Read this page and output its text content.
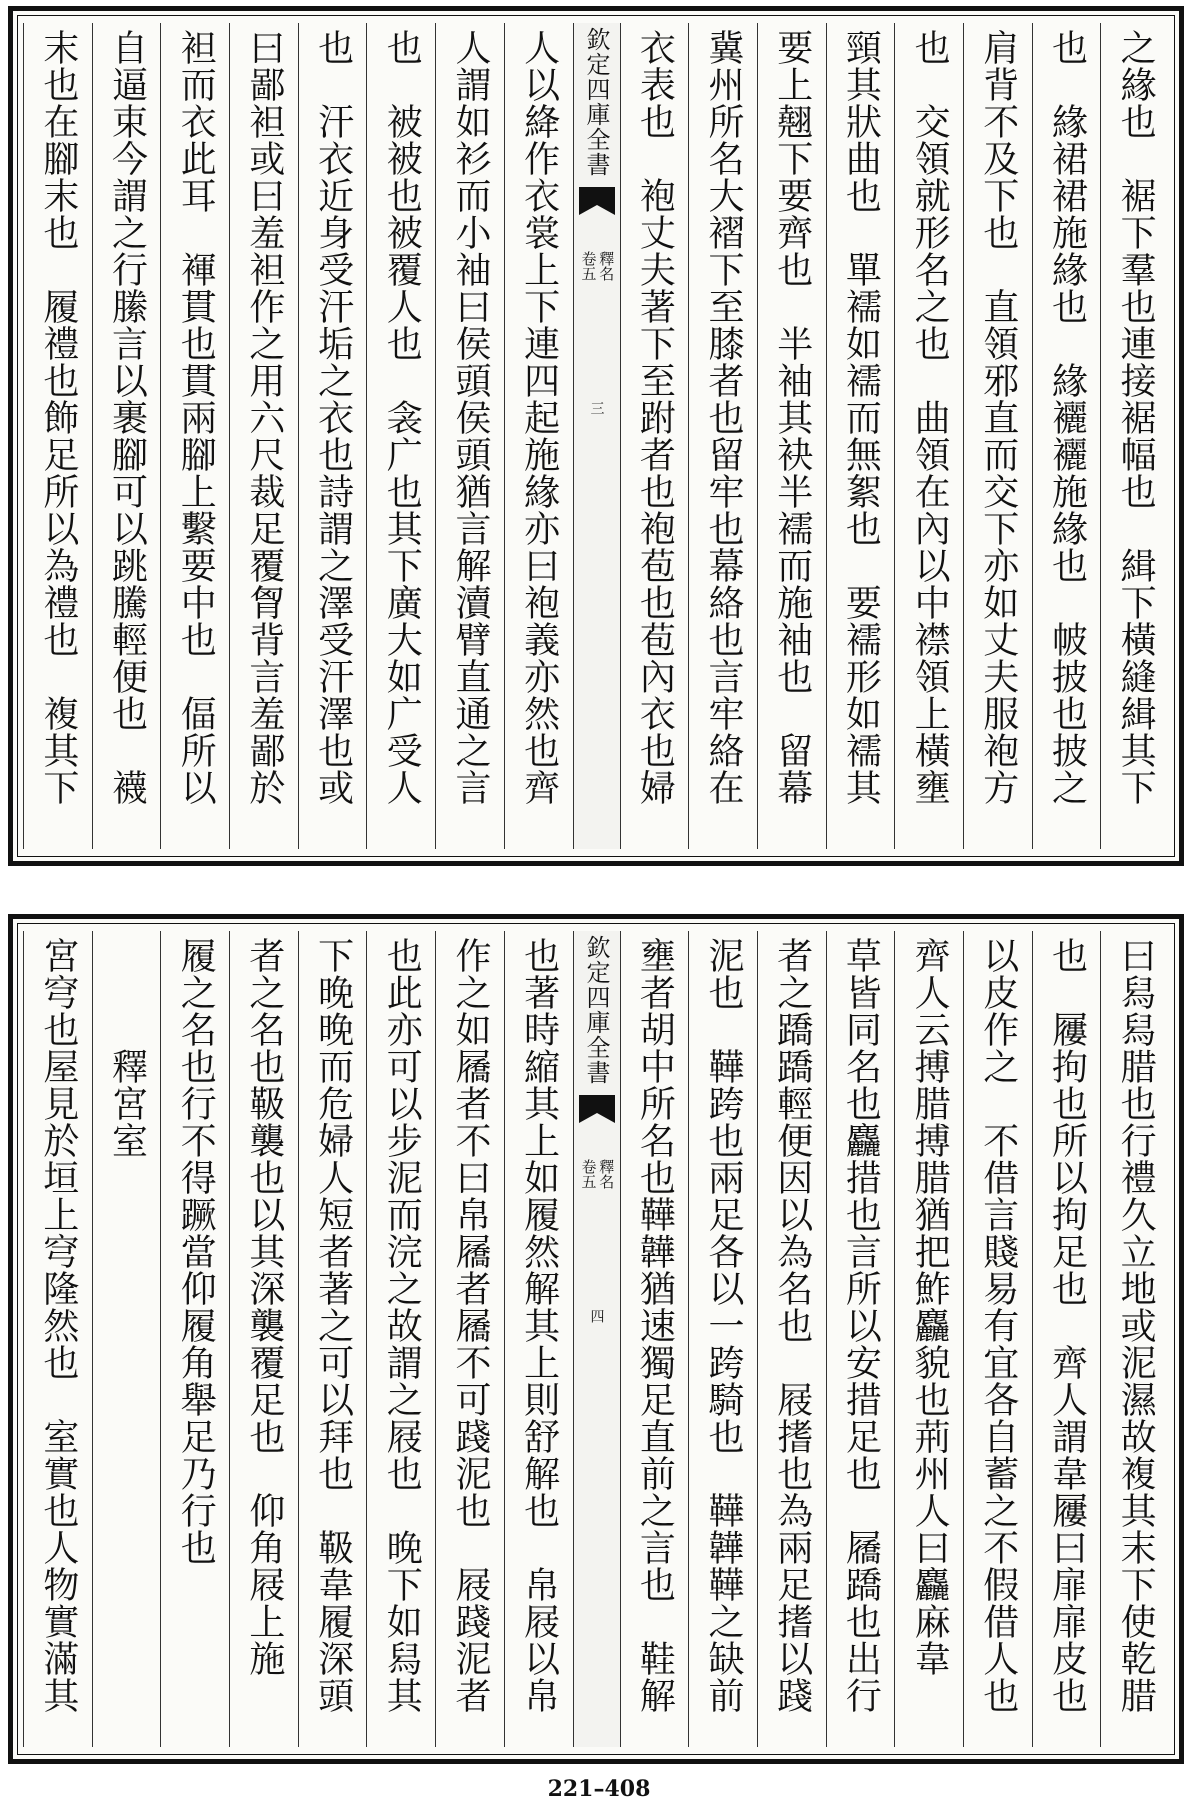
之緣也　裾下羣也連接裾幅也　緝下橫縫緝其下
也　緣裙裙施緣也　緣襹襹施緣也　帔披也披之
肩背不及下也　直領邪直而交下亦如丈夫服袍方
也　交領就形名之也　曲領在內以中襟領上橫壅
頸其狀曲也　單襦如襦而無絮也　要襦形如襦其
要上翹下要齊也　半袖其袂半襦而施袖也　留幕
冀州所名大褶下至膝者也留牢也幕絡也言牢絡在
衣表也　袍丈夫著下至跗者也袍苞也苞內衣也婦
欽定四庫全書
釋名
卷五
三
人以絳作衣裳上下連四起施緣亦曰袍義亦然也齊
人謂如衫而小袖曰侯頭侯頭猶言解瀆臂直通之言
也　被被也被覆人也　衾广也其下廣大如广受人
也　汗衣近身受汗垢之衣也詩謂之澤受汗澤也或
曰鄙袒或曰羞袒作之用六尺裁足覆胷背言羞鄙於
袒而衣此耳　褌貫也貫兩腳上繫要中也　偪所以
自逼束今謂之行縢言以裹腳可以跳騰輕便也　襪
末也在腳末也　履禮也飾足所以為禮也　複其下
曰舄舄腊也行禮久立地或泥濕故複其末下使乾腊
也　屨拘也所以拘足也　齊人謂韋屨曰扉扉皮也
以皮作之　不借言賤易有宜各自蓄之不假借人也
齊人云搏腊搏腊猶把鮓麤貌也荊州人曰麤麻韋
草皆同名也麤措也言所以安措足也　屩蹻也出行
者之蹻蹻輕便因以為名也　屐搘也為兩足搘以踐
泥也　鞾跨也兩足各以一跨騎也　鞾韡鞾之缺前
壅者胡中所名也鞾韡猶速獨足直前之言也　鞋解
欽定四庫全書
釋名
卷五
四
也著時縮其上如履然解其上則舒解也　帛屐以帛
作之如屩者不曰帛屩者屩不可踐泥也　屐踐泥者
也此亦可以步泥而浣之故謂之屐也　晚下如舄其
下晚晚而危婦人短者著之可以拜也　靸韋履深頭
者之名也靸襲也以其深襲覆足也　仰角屐上施
履之名也行不得蹶當仰履角舉足乃行也
　　　釋宮室
宮穹也屋見於垣上穹隆然也　室實也人物實滿其
221–408
